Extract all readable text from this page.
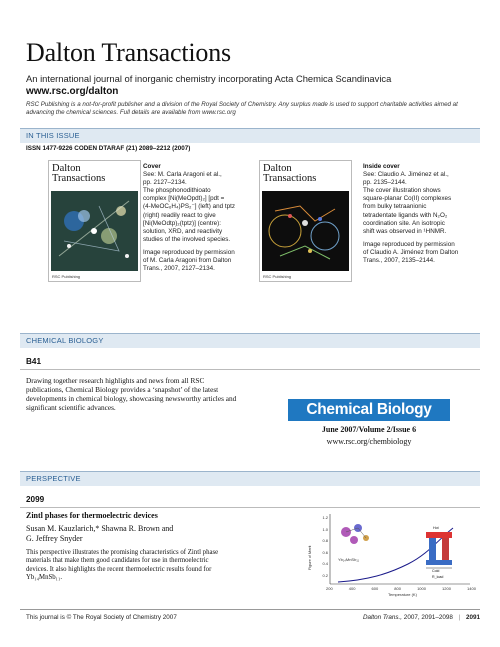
Dalton Transactions
An international journal of inorganic chemistry incorporating Acta Chemica Scandinavica
www.rsc.org/dalton
RSC Publishing is a not-for-profit publisher and a division of the Royal Society of Chemistry. Any surplus made is used to support charitable activities aimed at advancing the chemical sciences. Full details are available from www.rsc.org
IN THIS ISSUE
ISSN 1477-9226 CODEN DTARAF (21) 2089–2212 (2007)
Dalton Transactions
RSC Publishing
Cover
See: M. Carla Aragoni et al.,
pp. 2127–2134.
The phosphonodithioato
complex [Ni(MeOpdt)₂] [pdt =
(4-MeOC₆H₄)PS₂⁻] (left) and tptz
(right) readily react to give
[Ni(MeOdtp)₂(tptz)] (centre):
solution, XRD, and reactivity
studies of the involved species.
Image reproduced by permission
of M. Carla Aragoni from Dalton
Trans., 2007, 2127–2134.
Dalton Transactions
RSC Publishing
Inside cover
See: Claudio A. Jiménez et al.,
pp. 2135–2144.
The cover illustration shows
square-planar Co(II) complexes
from bulky tetraanionic
tetradentate ligands with N₂O₂
coordination site. An isotropic
shift was observed in ¹HNMR.
Image reproduced by permission
of Claudio A. Jiménez from Dalton
Trans., 2007, 2135–2144.
CHEMICAL BIOLOGY
B41
Drawing together research highlights and news from all RSC
publications, Chemical Biology provides a ‘snapshot’ of the latest
developments in chemical biology, showcasing newsworthy articles and
significant scientific advances.	Chemical Biology
June 2007/Volume 2/Issue 6
www.rsc.org/chembiology
PERSPECTIVE
2099
Zintl phases for thermoelectric devices
Susan M. Kauzlarich,* Shawna R. Brown and
G. Jeffrey Snyder
This perspective illustrates the promising characteristics of Zintl phase
materials that make them good candidates for use in thermoelectric
devices. It also highlights the recent thermoelectric results found for
Yb₁₄MnSb₁₁.
Figure of Merit
1.2
1.0
0.8
0.6
0.4
0.2
200	400	600	800	1000	1200	1400
Temperature (K)
Yb₁₄MnSb₁₁
Hot
Cold
R_load
This journal is © The Royal Society of Chemistry 2007	Dalton Trans., 2007, 2091–2098 | 2091
